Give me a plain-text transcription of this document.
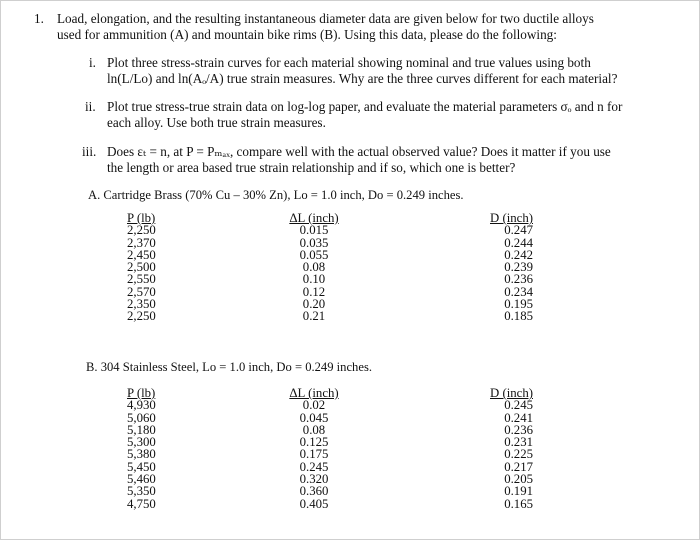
1. Load, elongation, and the resulting instantaneous diameter data are given below for two ductile alloys
used for ammunition (A) and mountain bike rims (B). Using this data, please do the following:
i. Plot three stress-strain curves for each material showing nominal and true values using both
ln(L/Lo) and ln(Aₒ/A) true strain measures. Why are the three curves different for each material?
ii. Plot true stress-true strain data on log-log paper, and evaluate the material parameters σₒ and n for
each alloy. Use both true strain measures.
iii. Does εₜ = n, at P = Pₘₐₓ, compare well with the actual observed value? Does it matter if you use
the length or area based true strain relationship and if so, which one is better?
A. Cartridge Brass (70% Cu – 30% Zn), Lo = 1.0 inch, Do = 0.249 inches.
P (lb)
2,250
2,370
2,450
2,500
2,550
2,570
2,350
2,250
ΔL (inch)
0.015
0.035
0.055
0.08
0.10
0.12
0.20
0.21
D (inch)
0.247
0.244
0.242
0.239
0.236
0.234
0.195
0.185
B. 304 Stainless Steel, Lo = 1.0 inch, Do = 0.249 inches.
P (lb)
4,930
5,060
5,180
5,300
5,380
5,450
5,460
5,350
4,750
ΔL (inch)
0.02
0.045
0.08
0.125
0.175
0.245
0.320
0.360
0.405
D (inch)
0.245
0.241
0.236
0.231
0.225
0.217
0.205
0.191
0.165
